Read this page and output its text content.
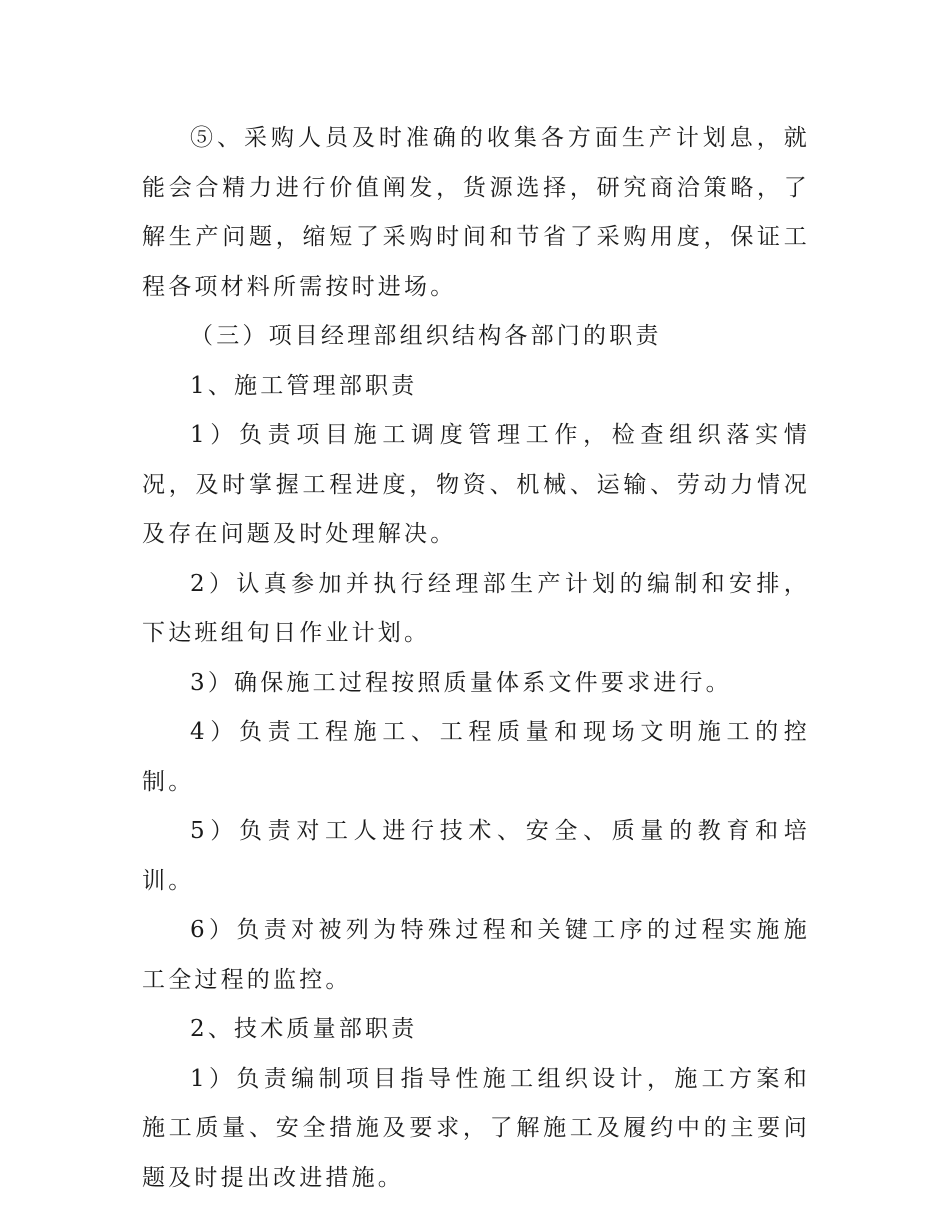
⑤、采购人员及时准确的收集各方面生产计划息，就能会合精力进行价值阐发，货源选择，研究商洽策略，了解生产问题，缩短了采购时间和节省了采购用度，保证工程各项材料所需按时进场。

（三）项目经理部组织结构各部门的职责

1、施工管理部职责

1）负责项目施工调度管理工作，检查组织落实情况，及时掌握工程进度，物资、机械、运输、劳动力情况及存在问题及时处理解决。

2）认真参加并执行经理部生产计划的编制和安排，下达班组旬日作业计划。

3）确保施工过程按照质量体系文件要求进行。

4）负责工程施工、工程质量和现场文明施工的控制。

5）负责对工人进行技术、安全、质量的教育和培训。

6）负责对被列为特殊过程和关键工序的过程实施施工全过程的监控。

2、技术质量部职责

1）负责编制项目指导性施工组织设计，施工方案和施工质量、安全措施及要求，了解施工及履约中的主要问题及时提出改进措施。
